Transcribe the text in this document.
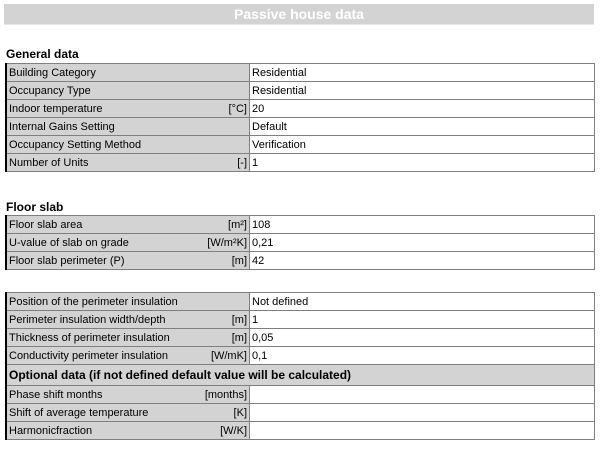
Passive house data
General data
Building Category	Residential

Occupancy Type	Residential

Indoor temperature [°C]	20

Internal Gains Setting	Default

Occupancy Setting Method	Verification

Number of Units [-]	1
Floor slab
Floor slab area [m²]	108

U-value of slab on grade [W/m²K]	0,21

Floor slab perimeter (P) [m]	42
Position of the perimeter insulation	Not defined

Perimeter insulation width/depth [m]	1

Thickness of perimeter insulation [m]	0,05

Conductivity perimeter insulation [W/mK]	0,1
Optional data (if not defined default value will be calculated)	

Phase shift months [months]	

Shift of average temperature [K]	

Harmonicfraction [W/K]	
